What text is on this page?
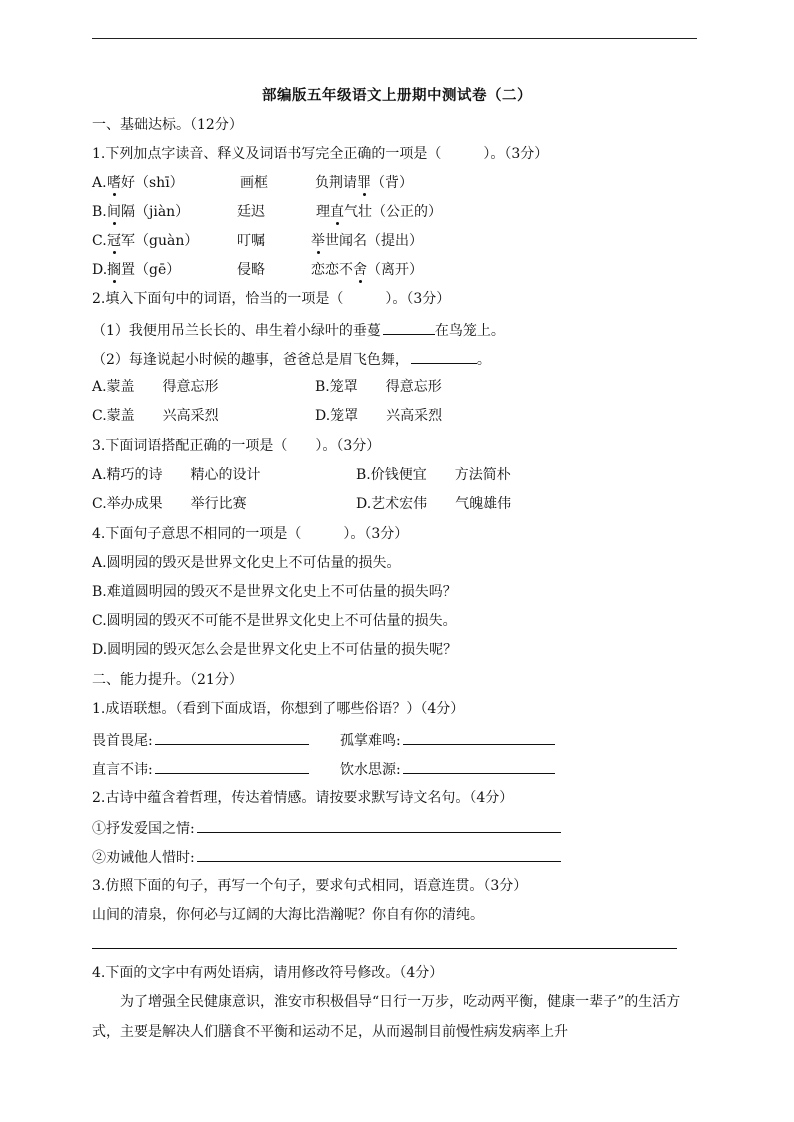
部编版五年级语文上册期中测试卷（二）
一、基础达标。（12分）
1.下列加点字读音、释义及词语书写完全正确的一项是（　　　）。（3分）
A. 嗜好（shī）	画框	负荆请罪（背）
B. 间隔（jiàn）	廷迟	理直气壮（公正的）
C. 冠军（guàn）	叮嘱	举世闻名（提出）
D. 搁置（gē）	侵略	恋恋不舍（离开）
2.填入下面句中的词语，恰当的一项是（　　　）。（3分）
（1）我便用吊兰长长的、串生着小绿叶的垂蔓	在鸟笼上。
（2）每逢说起小时候的趣事，爸爸总是眉飞色舞，	。
A.蒙盖　　得意忘形	B.笼罩　　得意忘形
C.蒙盖　　兴高采烈	D.笼罩　　兴高采烈
3.下面词语搭配正确的一项是（　　）。（3分）
A.精巧的诗　　精心的设计	B.价钱便宜　　方法简朴
C.举办成果　　举行比赛	D.艺术宏伟　　气魄雄伟
4.下面句子意思不相同的一项是（　　　）。（3分）
A.圆明园的毁灭是世界文化史上不可估量的损失。
B.难道圆明园的毁灭不是世界文化史上不可估量的损失吗？
C.圆明园的毁灭不可能不是世界文化史上不可估量的损失。
D.圆明园的毁灭怎么会是世界文化史上不可估量的损失呢？
二、能力提升。（21分）
1.成语联想。（看到下面成语，你想到了哪些俗语？）（4分）
畏首畏尾:	孤掌难鸣:
直言不讳:	饮水思源:
2.古诗中蕴含着哲理，传达着情感。请按要求默写诗文名句。（4分）
①抒发爱国之情:
②劝诫他人惜时:
3.仿照下面的句子，再写一个句子，要求句式相同，语意连贯。（3分）
山间的清泉，你何必与辽阔的大海比浩瀚呢？你自有你的清纯。
4.下面的文字中有两处语病，请用修改符号修改。（4分）
为了增强全民健康意识，淮安市积极倡导“日行一万步，吃动两平衡，健康一辈子”的生活方式，主要是解决人们膳食不平衡和运动不足，从而遏制目前慢性病发病率上升
